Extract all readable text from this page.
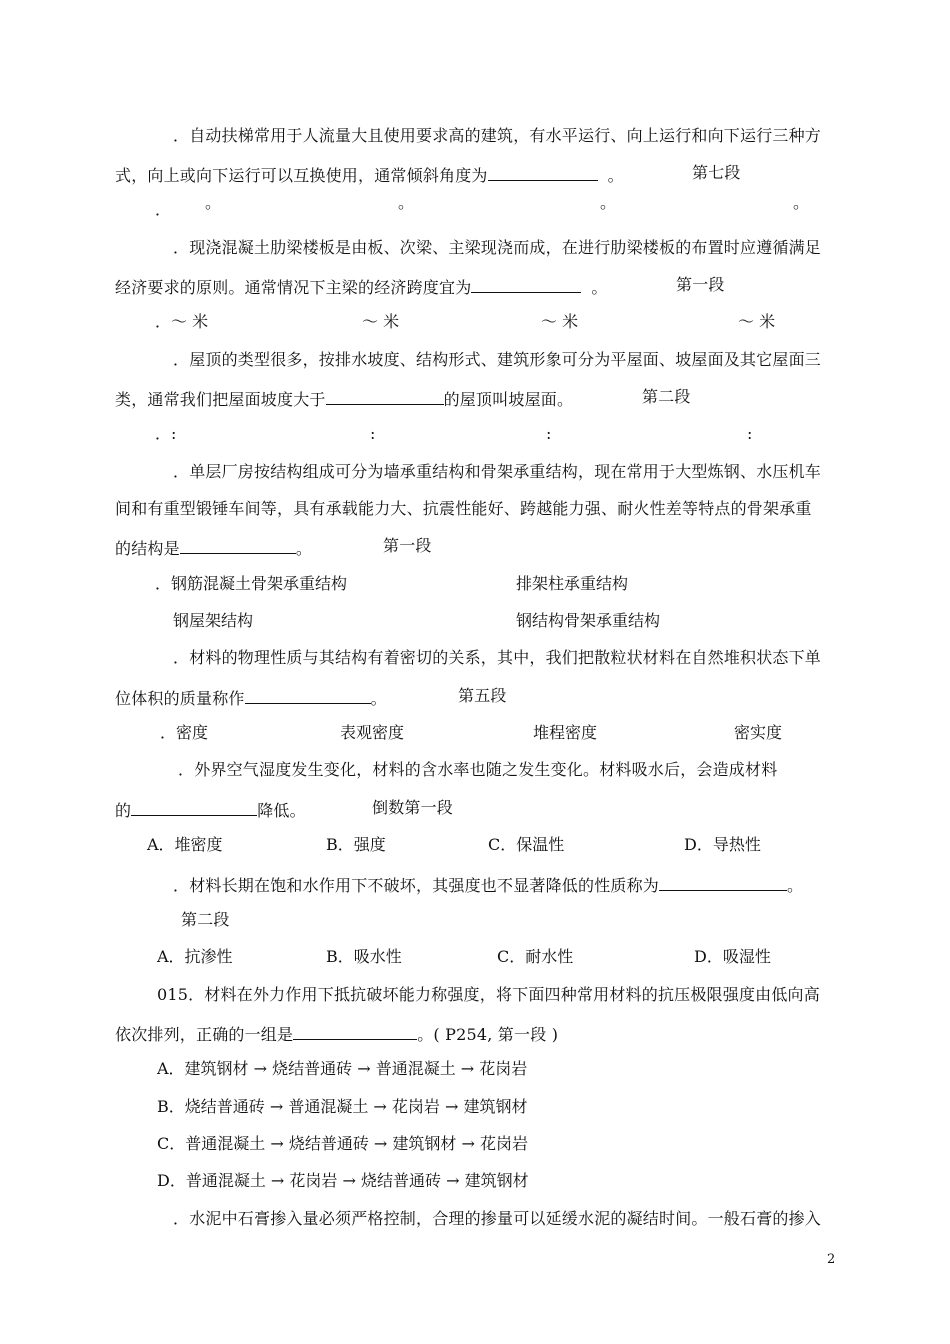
．自动扶梯常用于人流量大且使用要求高的建筑，有水平运行、向上运行和向下运行三种方
式，向上或向下运行可以互换使用，通常倾斜角度为	。	第七段
． 。	。	。	。
．现浇混凝土肋梁楼板是由板、次梁、主梁现浇而成，在进行肋梁楼板的布置时应遵循满足
经济要求的原则。通常情况下主梁的经济跨度宜为	。	第一段
．～ 米	～ 米	～ 米	～ 米
．屋顶的类型很多，按排水坡度、结构形式、建筑形象可分为平屋面、坡屋面及其它屋面三
类，通常我们把屋面坡度大于	的屋顶叫坡屋面。	第二段
．:	:	:	:
．单层厂房按结构组成可分为墙承重结构和骨架承重结构，现在常用于大型炼钢、水压机车
间和有重型锻锤车间等，具有承载能力大、抗震性能好、跨越能力强、耐火性差等特点的骨架承重
的结构是	。	第一段
．钢筋混凝土骨架承重结构	排架柱承重结构
钢屋架结构	钢结构骨架承重结构
．材料的物理性质与其结构有着密切的关系，其中，我们把散粒状材料在自然堆积状态下单
位体积的质量称作	。	第五段
．密度	表观密度	堆程密度	密实度
．外界空气湿度发生变化，材料的含水率也随之发生变化。材料吸水后，会造成材料
的	降低。	倒数第一段
A．堆密度	B．强度	C．保温性	D．导热性
．材料长期在饱和水作用下不破坏，其强度也不显著降低的性质称为	。
第二段
A．抗渗性	B．吸水性	C．耐水性	D．吸湿性
015．材料在外力作用下抵抗破坏能力称强度，将下面四种常用材料的抗压极限强度由低向高
依次排列，正确的一组是	。( P254, 第一段 )
A．建筑钢材 → 烧结普通砖 → 普通混凝土 → 花岗岩
B．烧结普通砖 → 普通混凝土 → 花岗岩 → 建筑钢材
C．普通混凝土 → 烧结普通砖 → 建筑钢材 → 花岗岩
D．普通混凝土 → 花岗岩 → 烧结普通砖 → 建筑钢材
．水泥中石膏掺入量必须严格控制，合理的掺量可以延缓水泥的凝结时间。一般石膏的掺入
2
